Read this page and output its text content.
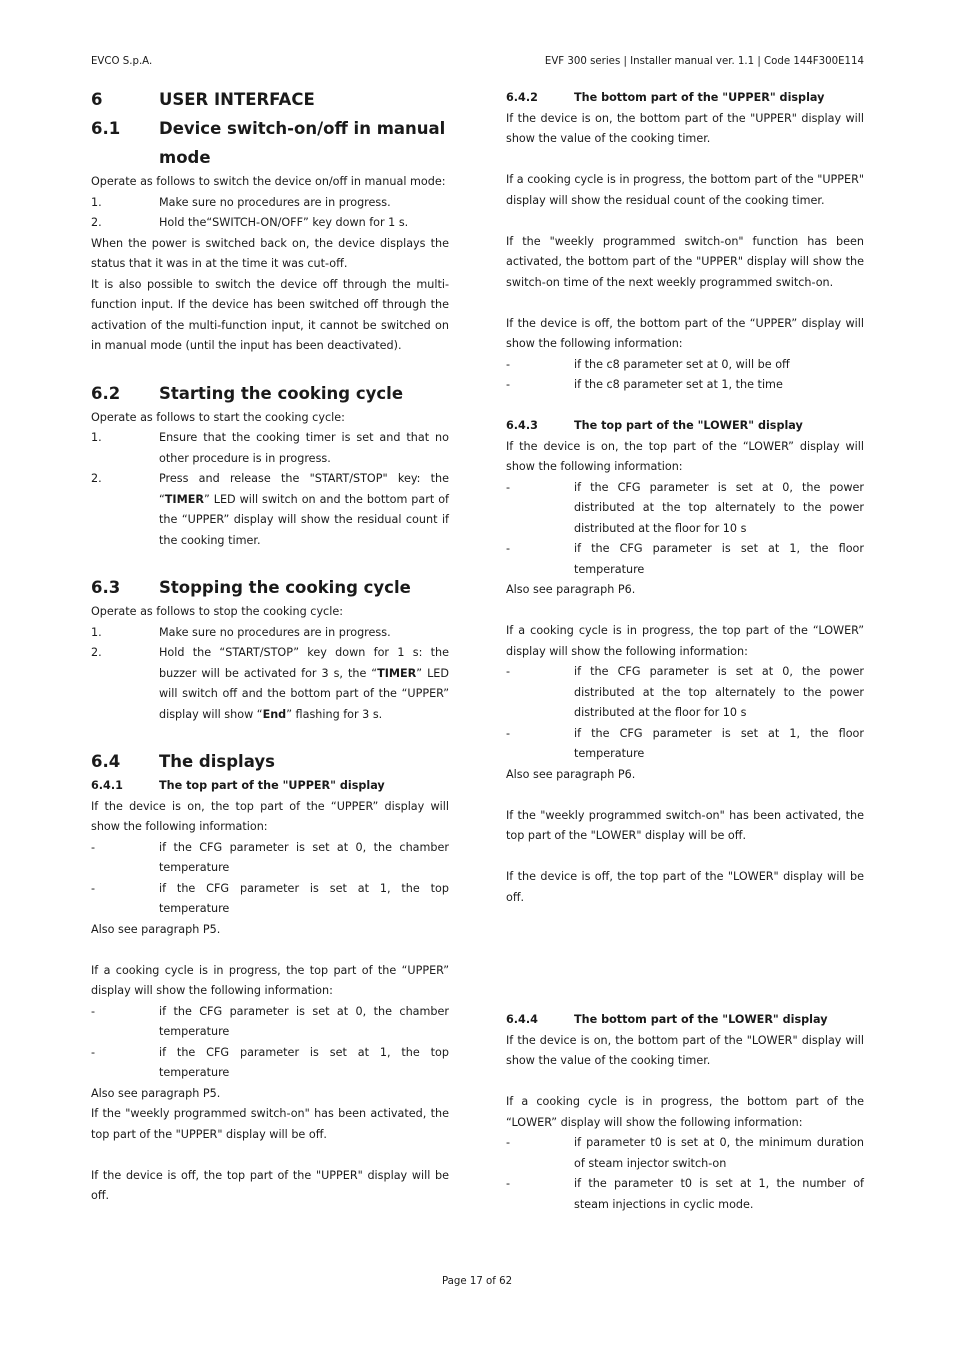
EVCO S.p.A.	EVF 300 series | Installer manual ver. 1.1 | Code 144F300E114
6	USER INTERFACE
6.1	Device switch-on/off in manual mode

Operate as follows to switch the device on/off in manual mode:

1.	Make sure no procedures are in progress.
2.	Hold the“SWITCH-ON/OFF” key down for 1 s.

When the power is switched back on, the device displays the status that it was in at the time it was cut-off.

It is also possible to switch the device off through the multi-function input. If the device has been switched off through the activation of the multi-function input, it cannot be switched on in manual mode (until the input has been deactivated).

6.2	Starting the cooking cycle

Operate as follows to start the cooking cycle:

1.	Ensure that the cooking timer is set and that no other procedure is in progress.
2.	Press and release the "START/STOP" key: the “TIMER” LED will switch on and the bottom part of the “UPPER” display will show the residual count if the cooking timer.
6.3	Stopping the cooking cycle

Operate as follows to stop the cooking cycle:

1.	Make sure no procedures are in progress.
2.	Hold the “START/STOP” key down for 1 s: the buzzer will be activated for 3 s, the “TIMER” LED will switch off and the bottom part of the “UPPER” display will show “End” flashing for 3 s.
6.4	The displays
6.4.1	The top part of the "UPPER" display

If the device is on, the top part of the “UPPER” display will show the following information:

-	if the CFG parameter is set at 0, the chamber temperature
-	if the CFG parameter is set at 1, the top temperature

Also see paragraph P5.

If a cooking cycle is in progress, the top part of the “UPPER” display will show the following information:

-	if the CFG parameter is set at 0, the chamber temperature
-	if the CFG parameter is set at 1, the top temperature

Also see paragraph P5.

If the "weekly programmed switch-on" has been activated, the top part of the "UPPER" display will be off.

If the device is off, the top part of the "UPPER" display will be off.

6.4.2	The bottom part of the "UPPER" display

If the device is on, the bottom part of the "UPPER" display will show the value of the cooking timer.

If a cooking cycle is in progress, the bottom part of the "UPPER" display will show the residual count of the cooking timer.

If the "weekly programmed switch-on" function has been activated, the bottom part of the "UPPER" display will show the switch-on time of the next weekly programmed switch-on.

If the device is off, the bottom part of the “UPPER” display will show the following information:

-	if the c8 parameter set at 0, will be off
-	if the c8 parameter set at 1, the time
6.4.3	The top part of the "LOWER" display

If the device is on, the top part of the “LOWER” display will show the following information:

-	if the CFG parameter is set at 0, the power distributed at the top alternately to the power distributed at the floor for 10 s
-	if the CFG parameter is set at 1, the floor temperature

Also see paragraph P6.

If a cooking cycle is in progress, the top part of the “LOWER” display will show the following information:

-	if the CFG parameter is set at 0, the power distributed at the top alternately to the power distributed at the floor for 10 s
-	if the CFG parameter is set at 1, the floor temperature

Also see paragraph P6.

If the "weekly programmed switch-on" has been activated, the top part of the "LOWER" display will be off.

If the device is off, the top part of the "LOWER" display will be off.

6.4.4	The bottom part of the "LOWER" display

If the device is on, the bottom part of the "LOWER" display will show the value of the cooking timer.

If a cooking cycle is in progress, the bottom part of the “LOWER” display will show the following information:

-	if parameter t0 is set at 0, the minimum duration of steam injector switch-on
-	if the parameter t0 is set at 1, the number of steam injections in cyclic mode.
Page 17 of 62
